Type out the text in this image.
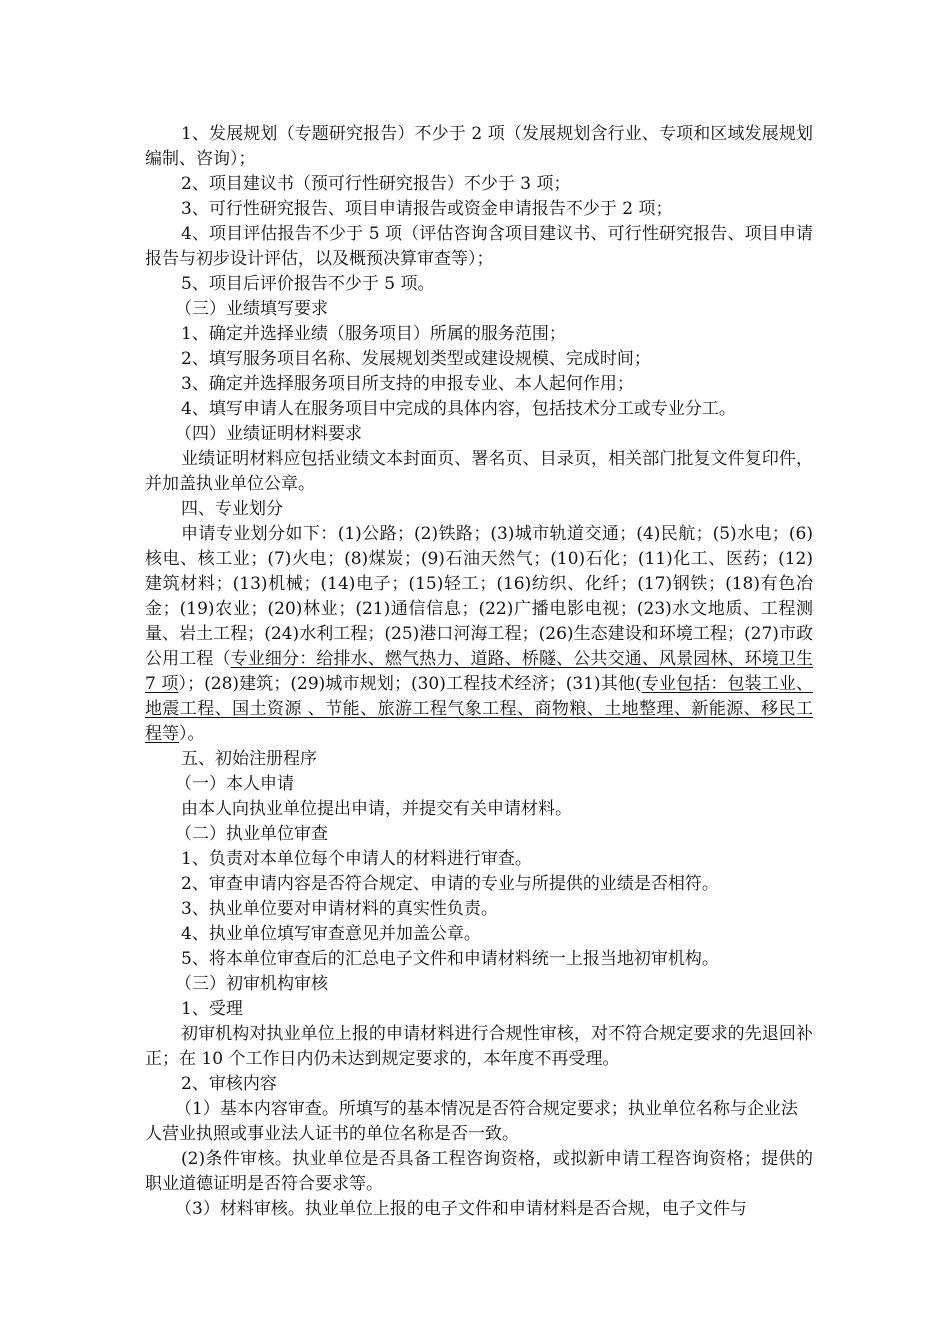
1、发展规划（专题研究报告）不少于 2 项（发展规划含行业、专项和区域发展规划编制、咨询）；

2、项目建议书（预可行性研究报告）不少于 3 项；

3、可行性研究报告、项目申请报告或资金申请报告不少于 2 项；

4、项目评估报告不少于 5 项（评估咨询含项目建议书、可行性研究报告、项目申请报告与初步设计评估，以及概预决算审查等）；

5、项目后评价报告不少于 5 项。

（三）业绩填写要求

1、确定并选择业绩（服务项目）所属的服务范围；

2、填写服务项目名称、发展规划类型或建设规模、完成时间；

3、确定并选择服务项目所支持的申报专业、本人起何作用；

4、填写申请人在服务项目中完成的具体内容，包括技术分工或专业分工。

（四）业绩证明材料要求

业绩证明材料应包括业绩文本封面页、署名页、目录页，相关部门批复文件复印件，并加盖执业单位公章。

四、专业划分

申请专业划分如下：(1)公路；(2)铁路；(3)城市轨道交通；(4)民航；(5)水电；(6)核电、核工业；(7)火电；(8)煤炭；(9)石油天然气；(10)石化；(11)化工、医药；(12)建筑材料；(13)机械；(14)电子；(15)轻工；(16)纺织、化纤；(17)钢铁；(18)有色冶金；(19)农业；(20)林业；(21)通信信息；(22)广播电影电视；(23)水文地质、工程测量、岩土工程；(24)水利工程；(25)港口河海工程；(26)生态建设和环境工程；(27)市政公用工程（专业细分：给排水、燃气热力、道路、桥隧、公共交通、风景园林、环境卫生 7 项）；(28)建筑；(29)城市规划；(30)工程技术经济；(31)其他(专业包括：包装工业、地震工程、国土资源 、节能、旅游工程气象工程、商物粮、土地整理、新能源、移民工程等）。

五、初始注册程序

（一）本人申请

由本人向执业单位提出申请，并提交有关申请材料。

（二）执业单位审查

1、负责对本单位每个申请人的材料进行审查。

2、审查申请内容是否符合规定、申请的专业与所提供的业绩是否相符。

3、执业单位要对申请材料的真实性负责。

4、执业单位填写审查意见并加盖公章。

5、将本单位审查后的汇总电子文件和申请材料统一上报当地初审机构。

（三）初审机构审核

1、受理

初审机构对执业单位上报的申请材料进行合规性审核，对不符合规定要求的先退回补正；在 10 个工作日内仍未达到规定要求的，本年度不再受理。

2、审核内容

（1）基本内容审查。所填写的基本情况是否符合规定要求；执业单位名称与企业法人营业执照或事业法人证书的单位名称是否一致。

(2)条件审核。执业单位是否具备工程咨询资格，或拟新申请工程咨询资格；提供的职业道德证明是否符合要求等。

（3）材料审核。执业单位上报的电子文件和申请材料是否合规，电子文件与
